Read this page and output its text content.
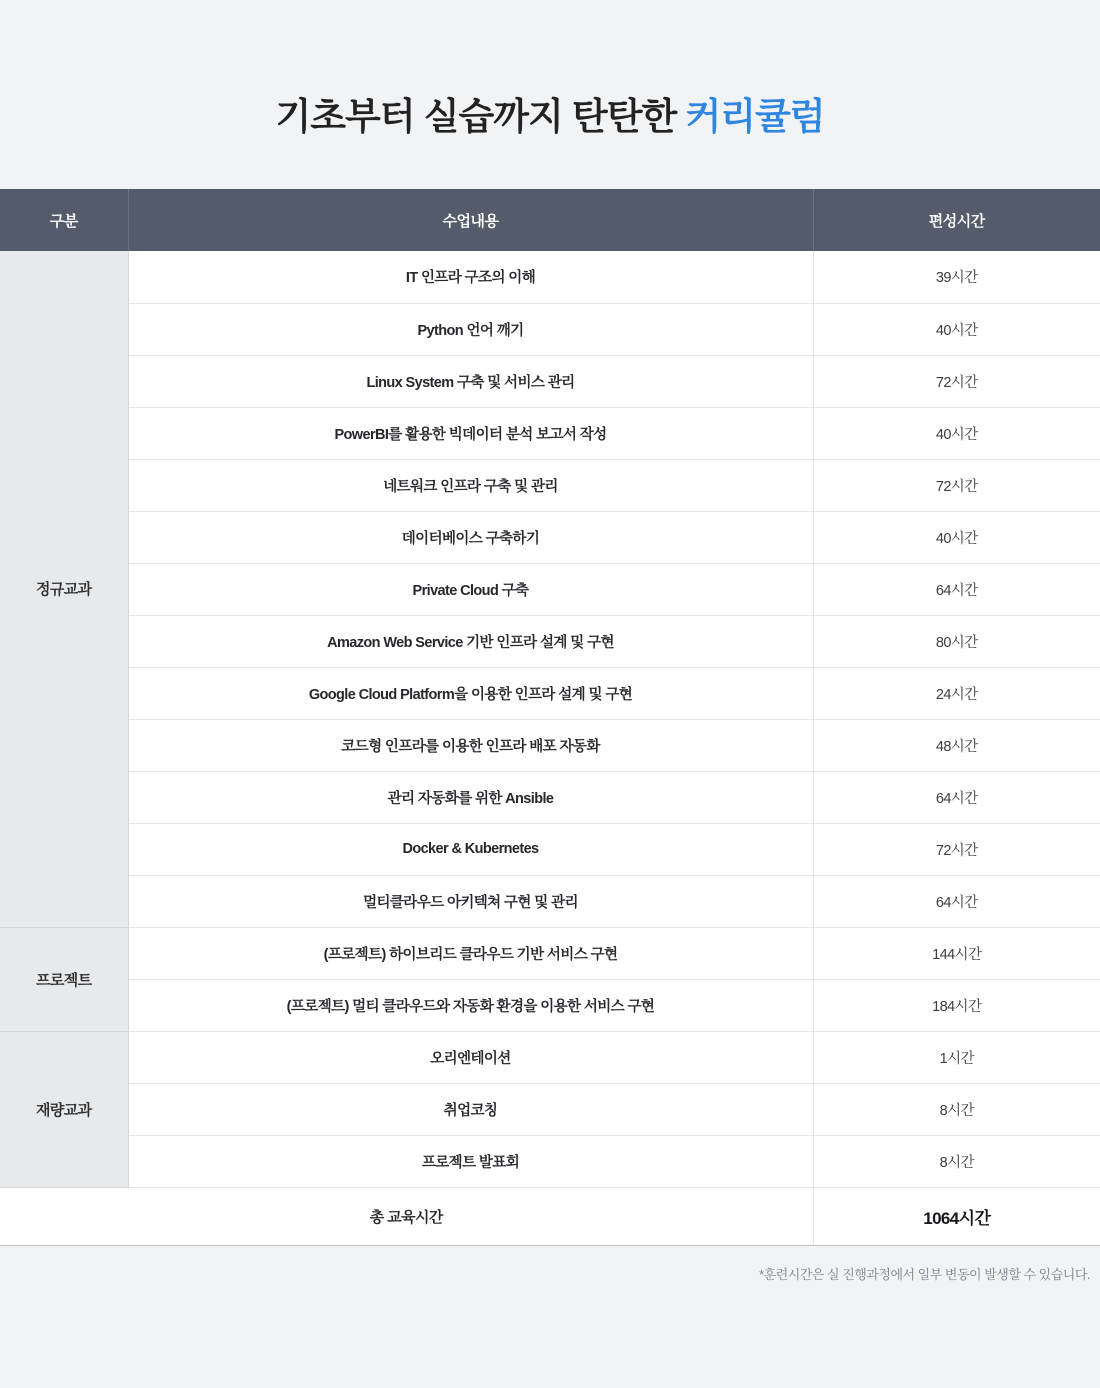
기초부터 실습까지 탄탄한 커리큘럼
구분	수업내용	편성시간
정규교과	IT 인프라 구조의 이해	39시간
	Python 언어 깨기	40시간
	Linux System 구축 및 서비스 관리	72시간
	PowerBI를 활용한 빅데이터 분석 보고서 작성	40시간
	네트워크 인프라 구축 및 관리	72시간
	데이터베이스 구축하기	40시간
	Private Cloud 구축	64시간
	Amazon Web Service 기반 인프라 설계 및 구현	80시간
	Google Cloud Platform을 이용한 인프라 설계 및 구현	24시간
	코드형 인프라를 이용한 인프라 배포 자동화	48시간
	관리 자동화를 위한 Ansible	64시간
	Docker & Kubernetes	72시간
	멀티클라우드 아키텍쳐 구현 및 관리	64시간
프로젝트	(프로젝트) 하이브리드 클라우드 기반 서비스 구현	144시간
	(프로젝트) 멀티 클라우드와 자동화 환경을 이용한 서비스 구현	184시간
재량교과	오리엔테이션	1시간
	취업코칭	8시간
	프로젝트 발표회	8시간
총 교육시간		1064시간
*훈련시간은 실 진행과정에서 일부 변동이 발생할 수 있습니다.
